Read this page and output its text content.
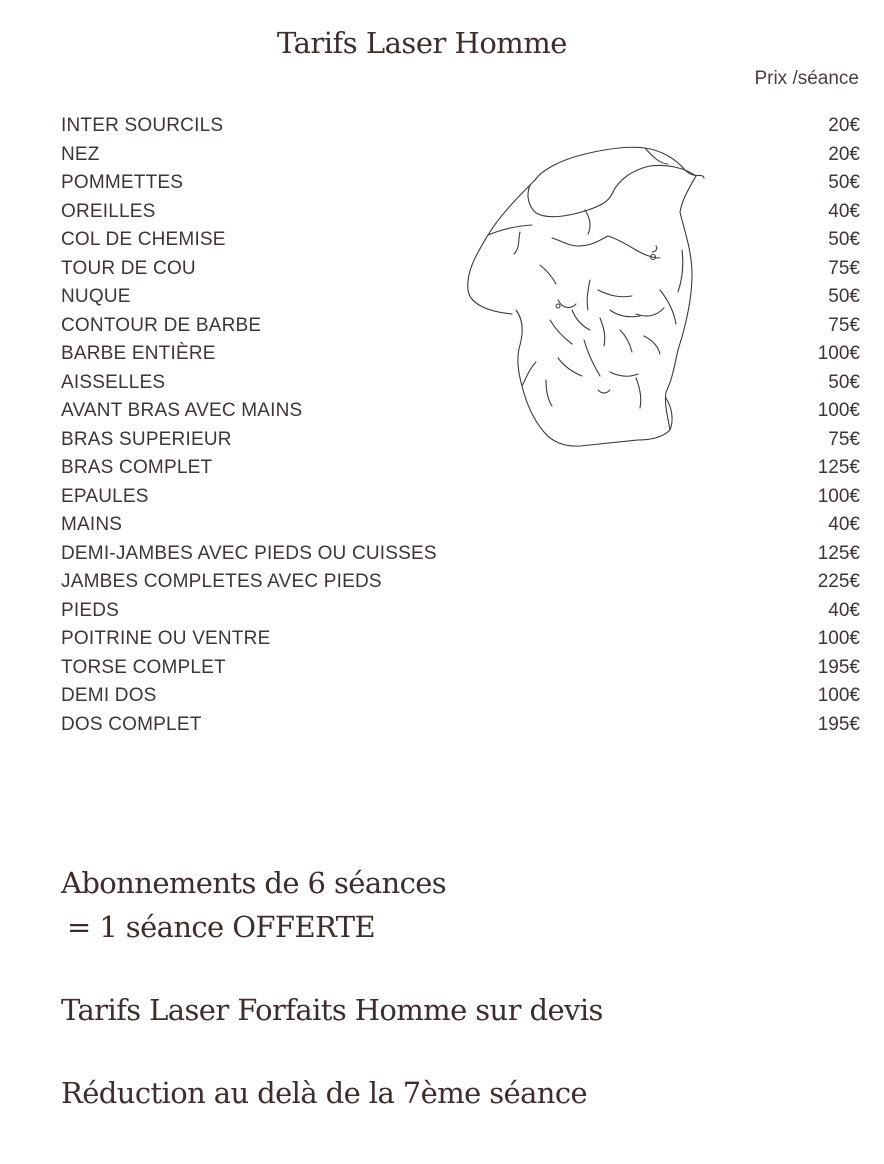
Tarifs Laser Homme
Prix /séance
INTER SOURCILS	20€
NEZ	20€
POMMETTES	50€
OREILLES	40€
COL DE CHEMISE	50€
TOUR DE COU	75€
NUQUE	50€
CONTOUR DE BARBE	75€
BARBE ENTIÈRE	100€
AISSELLES	50€
AVANT BRAS AVEC MAINS	100€
BRAS SUPERIEUR	75€
BRAS COMPLET	125€
EPAULES	100€
MAINS	40€
DEMI-JAMBES AVEC PIEDS OU CUISSES	125€
JAMBES COMPLETES AVEC PIEDS	225€
PIEDS	40€
POITRINE OU VENTRE	100€
TORSE COMPLET	195€
DEMI DOS	100€
DOS COMPLET	195€
Abonnements de 6 séances
= 1 séance OFFERTE
Tarifs Laser Forfaits Homme sur devis
Réduction au delà de la 7ème séance
